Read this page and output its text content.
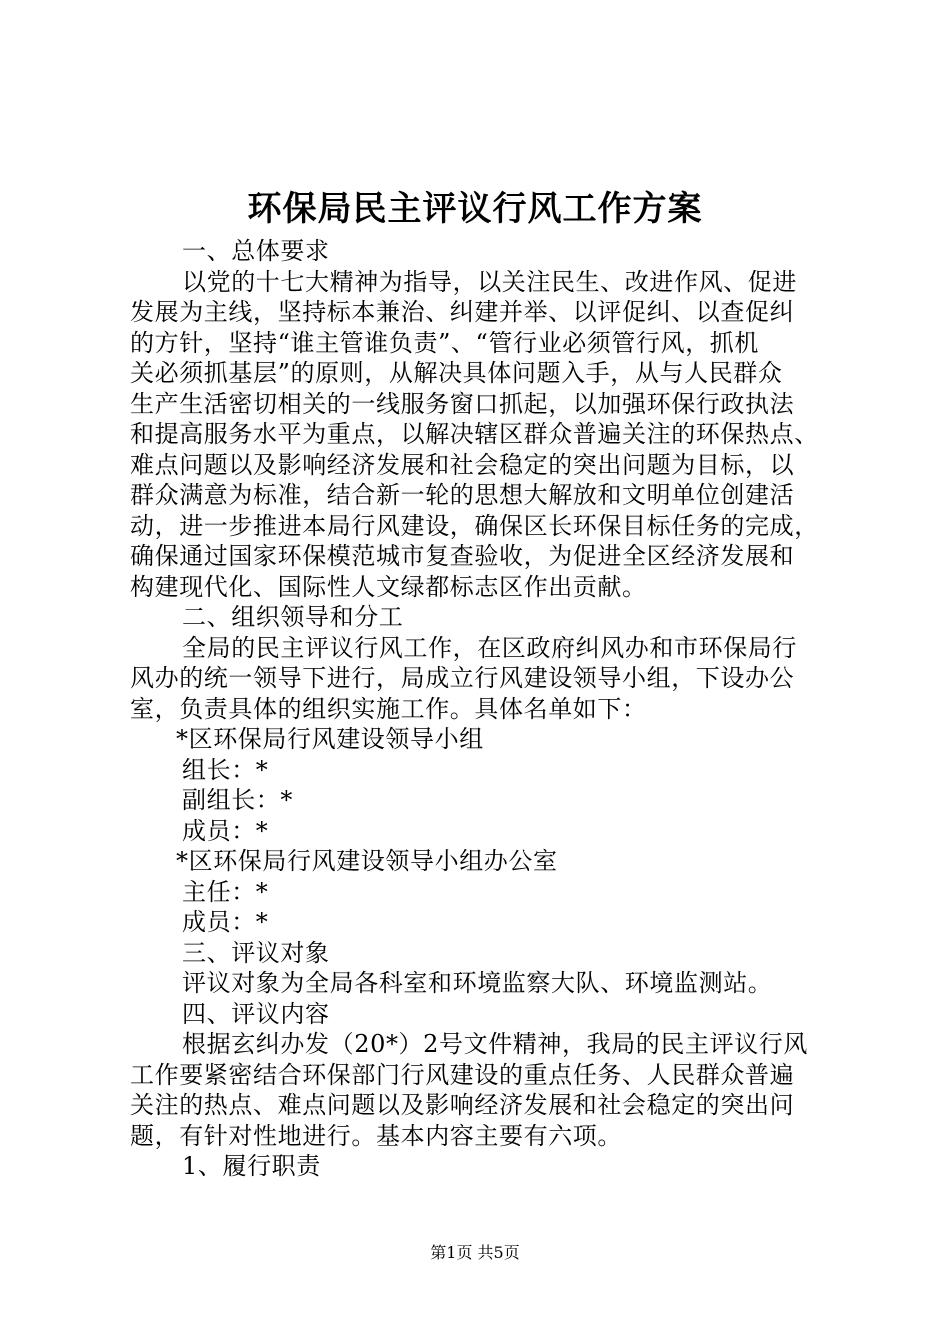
环保局民主评议行风工作方案
一、总体要求
以党的十七大精神为指导，以关注民生、改进作风、促进
发展为主线，坚持标本兼治、纠建并举、以评促纠、以查促纠
的方针，坚持“谁主管谁负责”、“管行业必须管行风，抓机
关必须抓基层”的原则，从解决具体问题入手，从与人民群众
生产生活密切相关的一线服务窗口抓起，以加强环保行政执法
和提高服务水平为重点，以解决辖区群众普遍关注的环保热点、
难点问题以及影响经济发展和社会稳定的突出问题为目标，以
群众满意为标准，结合新一轮的思想大解放和文明单位创建活
动，进一步推进本局行风建设，确保区长环保目标任务的完成，
确保通过国家环保模范城市复查验收，为促进全区经济发展和
构建现代化、国际性人文绿都标志区作出贡献。
二、组织领导和分工
全局的民主评议行风工作，在区政府纠风办和市环保局行
风办的统一领导下进行，局成立行风建设领导小组，下设办公
室，负责具体的组织实施工作。具体名单如下：
*区环保局行风建设领导小组
组长：*
副组长：*
成员：*
*区环保局行风建设领导小组办公室
主任：*
成员：*
三、评议对象
评议对象为全局各科室和环境监察大队、环境监测站。
四、评议内容
根据玄纠办发（20*）2号文件精神，我局的民主评议行风
工作要紧密结合环保部门行风建设的重点任务、人民群众普遍
关注的热点、难点问题以及影响经济发展和社会稳定的突出问
题，有针对性地进行。基本内容主要有六项。
1、履行职责
第1页 共5页
